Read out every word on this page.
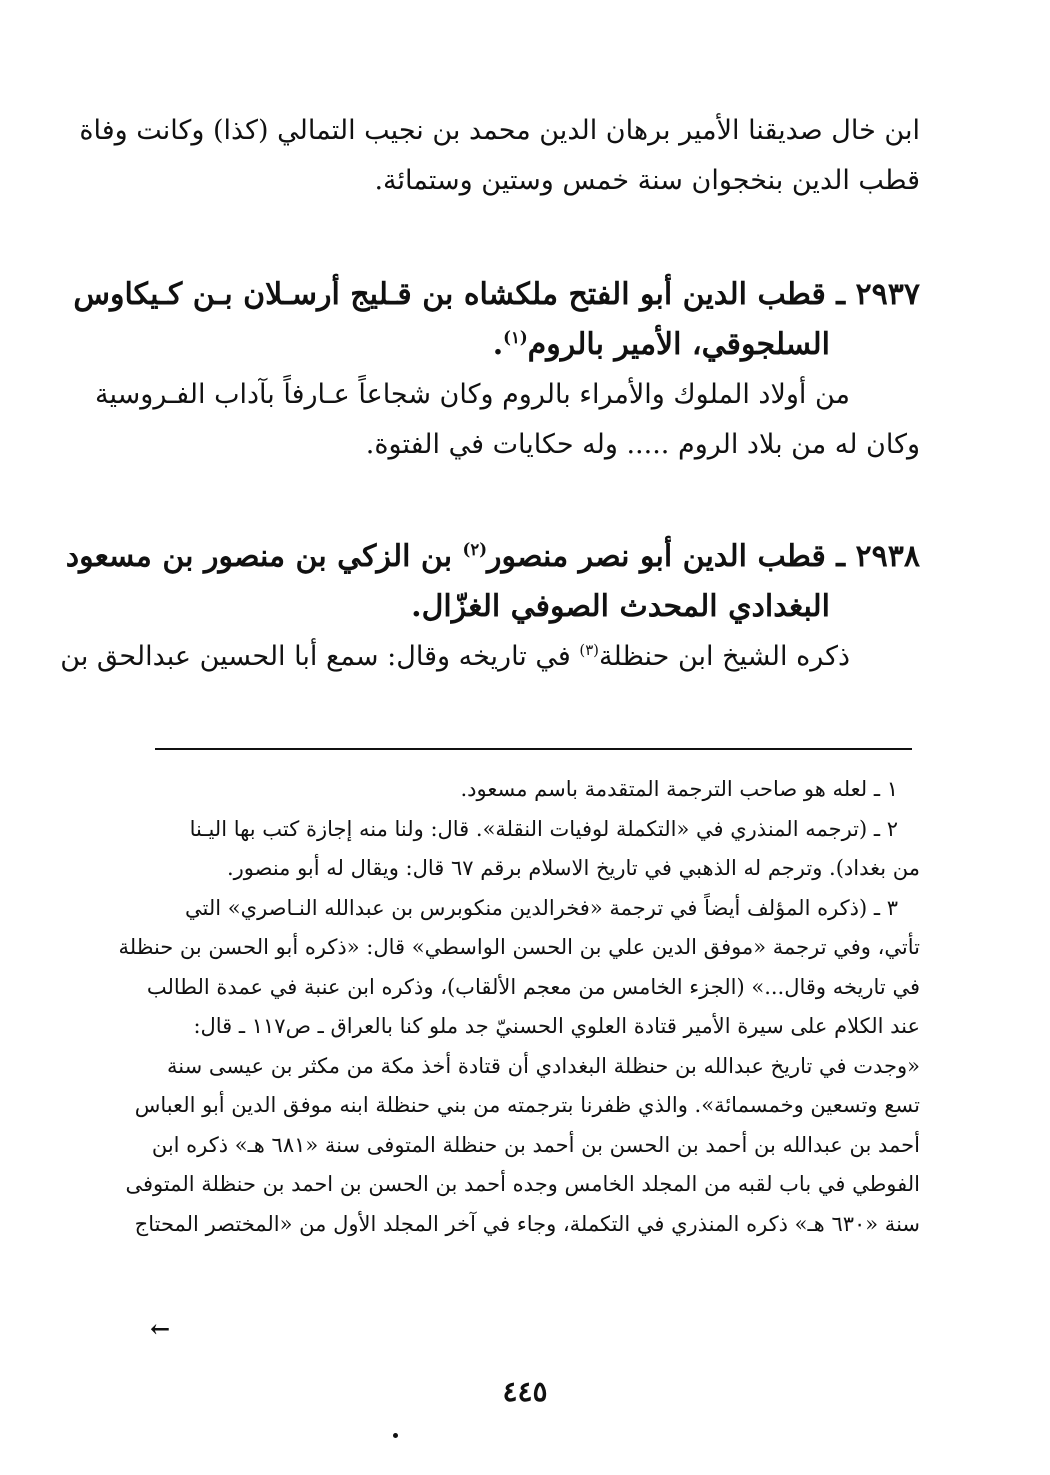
ابن خال صديقنا الأمير برهان الدين محمد بن نجيب التمالي (كذا) وكانت وفاة
قطب الدين بنخجوان سنة خمس وستين وستمائة.
٢٩٣٧ ـ قطب الدين أبو الفتح ملكشاه بن قـليج أرسـلان بـن كـيكاوس
السلجوقي، الأمير بالروم$^{(١)}$.
من أولاد الملوك والأمراء بالروم وكان شجاعاً عـارفاً بآداب الفـروسية
وكان له من بلاد الروم ..... وله حكايات في الفتوة.
٢٩٣٨ ـ قطب الدين أبو نصر منصور$^{(٢)}$ بن الزكي بن منصور بن مسعود
البغدادي المحدث الصوفي الغزّال.
ذكره الشيخ ابن حنظلة$^{(٣)}$ في تاريخه وقال: سمع أبا الحسين عبدالحق بن
١ ـ لعله هو صاحب الترجمة المتقدمة باسم مسعود.
٢ ـ (ترجمه المنذري في «التكملة لوفيات النقلة». قال: ولنا منه إجازة كتب بها اليـنا
من بغداد). وترجم له الذهبي في تاريخ الاسلام برقم ٦٧ قال: ويقال له أبو منصور.
٣ ـ (ذكره المؤلف أيضاً في ترجمة «فخرالدين منكوبرس بن عبدالله النـاصري» التي
تأتي، وفي ترجمة «موفق الدين علي بن الحسن الواسطي» قال: «ذكره أبو الحسن بن حنظلة
في تاريخه وقال...» (الجزء الخامس من معجم الألقاب)، وذكره ابن عنبة في عمدة الطالب
عند الكلام على سيرة الأمير قتادة العلوي الحسنيّ جد ملو كنا بالعراق ـ ص١١٧ ـ قال:
«وجدت في تاريخ عبدالله بن حنظلة البغدادي أن قتادة أخذ مكة من مكثر بن عيسى سنة
تسع وتسعين وخمسمائة». والذي ظفرنا بترجمته من بني حنظلة ابنه موفق الدين أبو العباس
أحمد بن عبدالله بن أحمد بن الحسن بن أحمد بن حنظلة المتوفى سنة «٦٨١ هـ» ذكره ابن
الفوطي في باب لقبه من المجلد الخامس وجده أحمد بن الحسن بن احمد بن حنظلة المتوفى
سنة «٦٣٠ هـ» ذكره المنذري في التكملة، وجاء في آخر المجلد الأول من «المختصر المحتاج
←
٤٤٥
